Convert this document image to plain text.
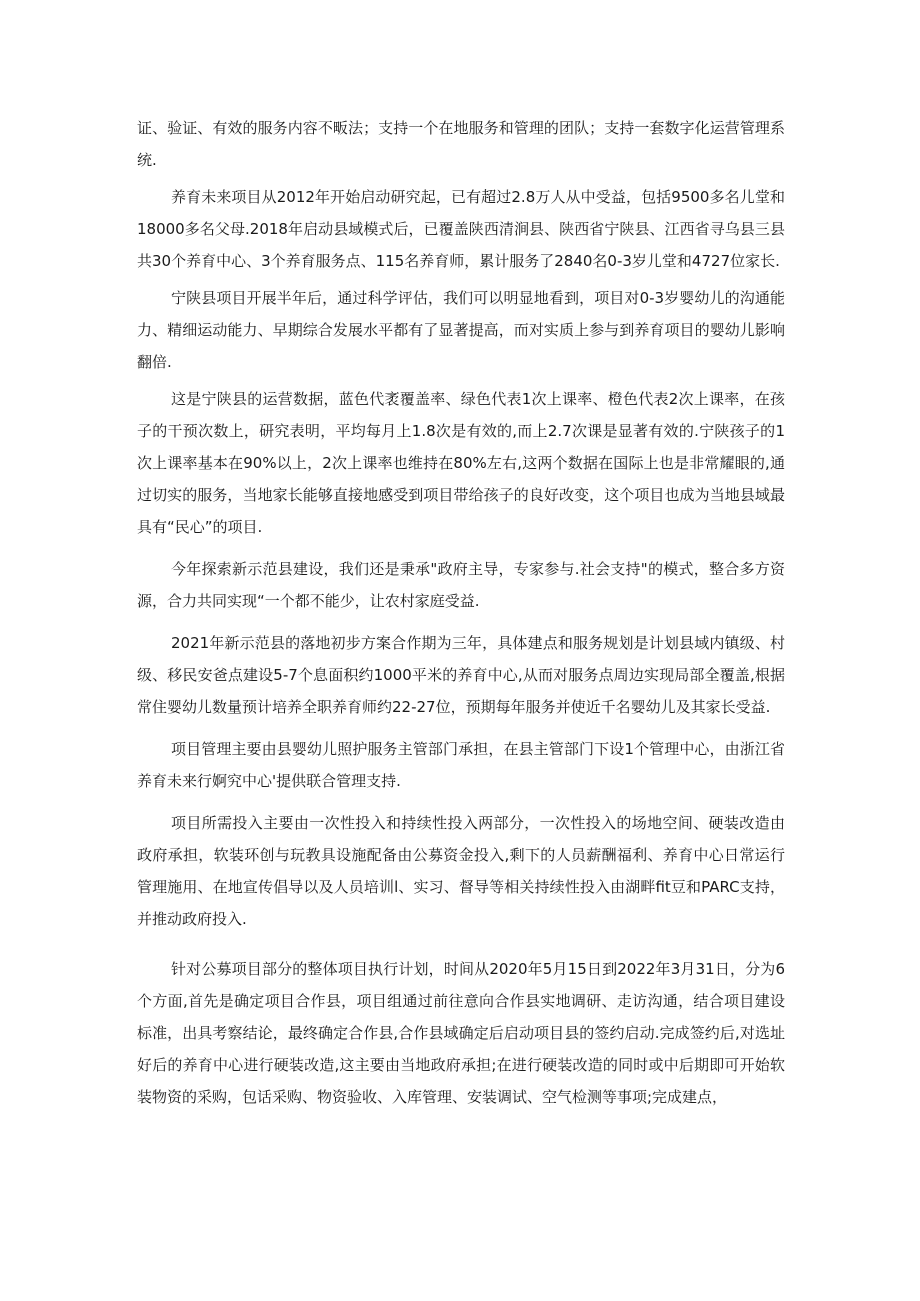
证、验证、有效的服务内容不畈法；支持一个在地服务和管理的团队；支持一套数字化运营管理系统.

养育未来项目从2012年开始启动研究起，已有超过2.8万人从中受益，包括9500多名儿堂和18000多名父母.2018年启动县域模式后，已覆盖陕西清涧县、陕西省宁陕县、江西省寻乌县三县共30个养育中心、3个养育服务点、115名养育师，累计服务了2840名0-3岁儿堂和4727位家长.

宁陕县项目开展半年后，通过科学评估，我们可以明显地看到，项目对0-3岁婴幼儿的沟通能力、精细运动能力、早期综合发展水平都有了显著提高，而对实质上参与到养育项目的婴幼儿影响翻倍.

这是宁陕县的运营数据，蓝色代袤覆盖率、绿色代表1次上课率、橙色代表2次上课率，在孩子的干预次数上，研究表明，平均每月上1.8次是有效的,而上2.7次课是显著有效的.宁陕孩子的1次上课率基本在90%以上，2次上课率也维持在80%左右,这两个数据在国际上也是非常耀眼的,通过切实的服务，当地家长能够直接地感受到项目带给孩子的良好改变，这个项目也成为当地县域最具有“民心”的项目.

今年探索新示范县建设，我们还是秉承"政府主导，专家参与.社会支持"的模式，整合多方资源，合力共同实现“一个都不能少，让农村家庭受益.

2021年新示范县的落地初步方案合作期为三年，具体建点和服务规划是计划县域内镇级、村级、移民安爸点建设5-7个息面积约1000平米的养育中心,从而对服务点周边实现局部全覆盖,根据常住婴幼儿数量预计培养全职养育师约22-27位，预期每年服务并使近千名婴幼儿及其家长受益.

项目管理主要由县婴幼儿照护服务主管部门承担，在县主管部门下设1个管理中心，由浙江省养育未来行婀究中心'提供联合管理支持.

项目所需投入主要由一次性投入和持续性投入两部分，一次性投入的场地空间、硬装改造由政府承担，软装环创与玩教具设施配备由公募资金投入,剩下的人员薪酬福利、养育中心日常运行管理施用、在地宣传倡导以及人员培训l、实习、督导等相关持续性投入由湖畔fit豆和PARC支持，并推动政府投入.

针对公募项目部分的整体项目执行计划，时间从2020年5月15日到2022年3月31日，分为6个方面,首先是确定项目合作县，项目组通过前往意向合作县实地调研、走访沟通，结合项目建设标准，出具考察结论，最终确定合作县,合作县域确定后启动项目县的签约启动.完成签约后,对选址好后的养育中心进行硬装改造,这主要由当地政府承担;在进行硬装改造的同时或中后期即可开始软装物资的采购，包话采购、物资验收、入库管理、安装调试、空气检测等事项;完成建点，
